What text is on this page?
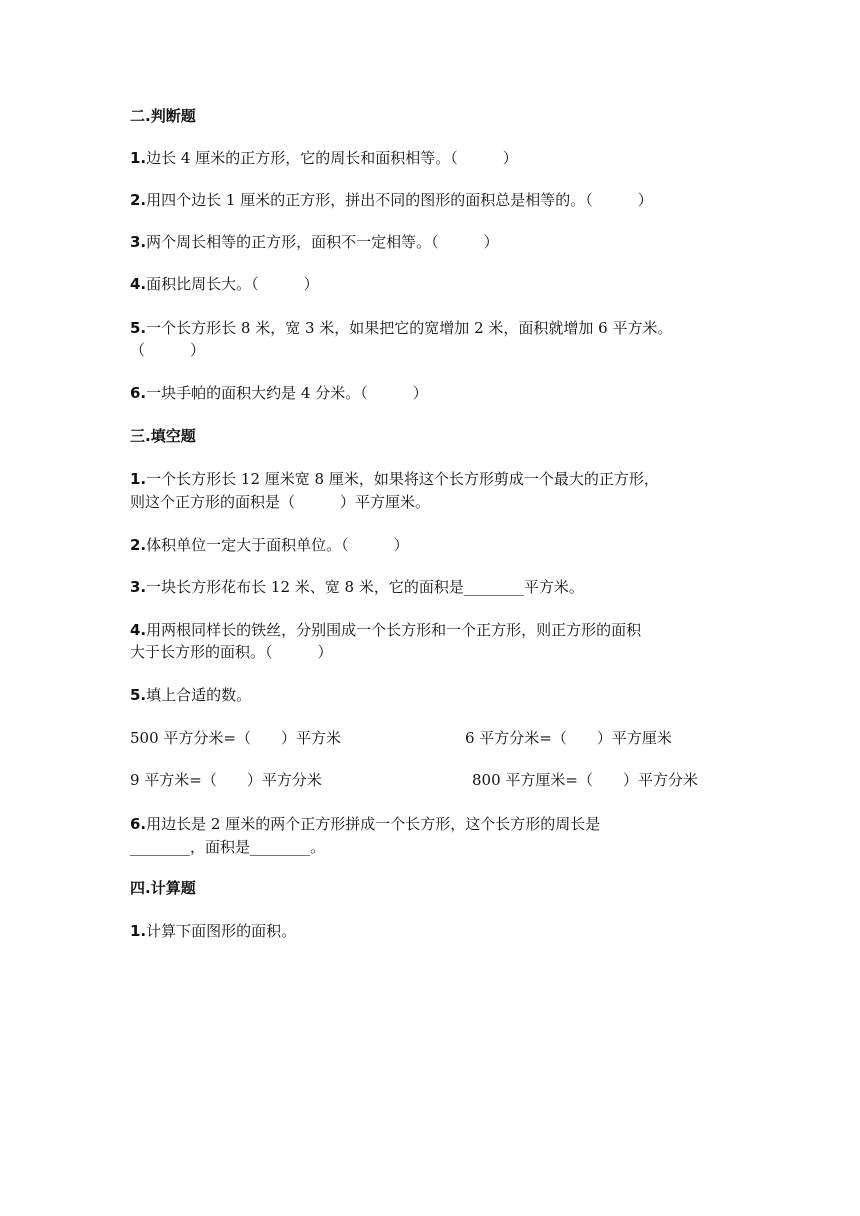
二.判断题
1.边长 4 厘米的正方形，它的周长和面积相等。（　　　）
2.用四个边长 1 厘米的正方形，拼出不同的图形的面积总是相等的。（　　　）
3.两个周长相等的正方形，面积不一定相等。（　　　）
4.面积比周长大。（　　　）
5.一个长方形长 8 米，宽 3 米，如果把它的宽增加 2 米，面积就增加 6 平方米。
（　　　）
6.一块手帕的面积大约是 4 分米。（　　　）
三.填空题
1.一个长方形长 12 厘米宽 8 厘米，如果将这个长方形剪成一个最大的正方形，
则这个正方形的面积是（　　　）平方厘米。
2.体积单位一定大于面积单位。（　　　）
3.一块长方形花布长 12 米、宽 8 米，它的面积是________平方米。
4.用两根同样长的铁丝，分别围成一个长方形和一个正方形，则正方形的面积
大于长方形的面积。（　　　）
5.填上合适的数。
500 平方分米=（　　）平方米	6 平方分米=（　　）平方厘米
9 平方米=（　　）平方分米	800 平方厘米=（　　）平方分米
6.用边长是 2 厘米的两个正方形拼成一个长方形，这个长方形的周长是
________，面积是________。
四.计算题
1.计算下面图形的面积。
